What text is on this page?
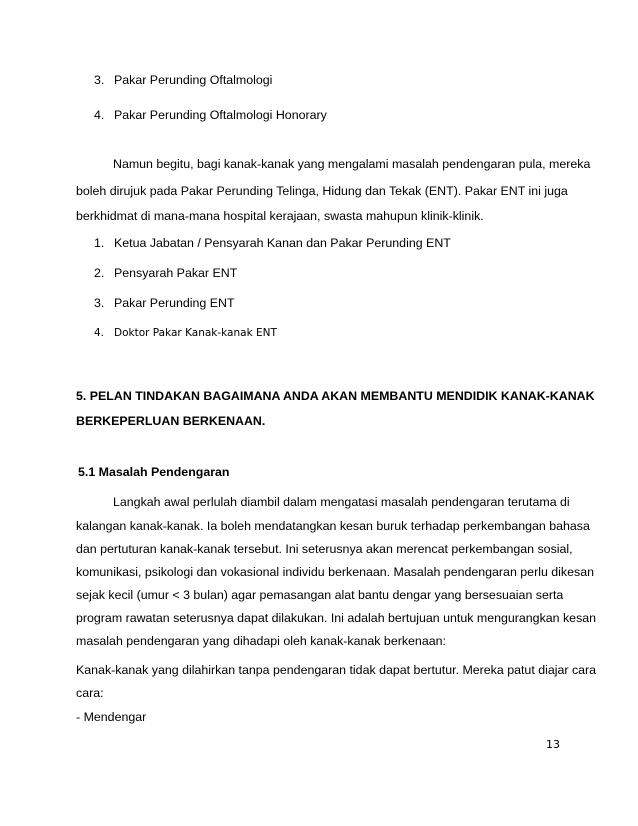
3. Pakar Perunding Oftalmologi
4. Pakar Perunding Oftalmologi Honorary
Namun begitu, bagi kanak-kanak yang mengalami masalah pendengaran pula, mereka
boleh dirujuk pada Pakar Perunding Telinga, Hidung dan Tekak (ENT). Pakar ENT ini juga
berkhidmat di mana-mana hospital kerajaan, swasta mahupun klinik-klinik.
1. Ketua Jabatan / Pensyarah Kanan dan Pakar Perunding ENT
2. Pensyarah Pakar ENT
3. Pakar Perunding ENT
4. Doktor Pakar Kanak-kanak ENT
5. PELAN TINDAKAN BAGAIMANA ANDA AKAN MEMBANTU MENDIDIK KANAK-KANAK
BERKEPERLUAN BERKENAAN.
5.1 Masalah Pendengaran
Langkah awal perlulah diambil dalam mengatasi masalah pendengaran terutama di
kalangan kanak-kanak. Ia boleh mendatangkan kesan buruk terhadap perkembangan bahasa
dan pertuturan kanak-kanak tersebut. Ini seterusnya akan merencat perkembangan sosial,
komunikasi, psikologi dan vokasional individu berkenaan. Masalah pendengaran perlu dikesan
sejak kecil (umur < 3 bulan) agar pemasangan alat bantu dengar yang bersesuaian serta
program rawatan seterusnya dapat dilakukan. Ini adalah bertujuan untuk mengurangkan kesan
masalah pendengaran yang dihadapi oleh kanak-kanak berkenaan:
Kanak-kanak yang dilahirkan tanpa pendengaran tidak dapat bertutur. Mereka patut diajar cara
cara:
- Mendengar
13
